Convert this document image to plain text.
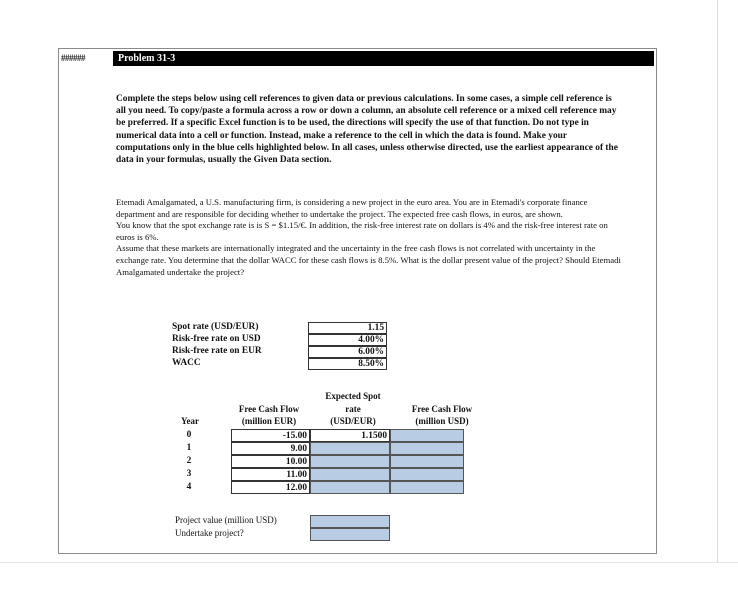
######	Problem 31-3
Complete the steps below using cell references to given data or previous calculations. In some cases, a simple cell reference is all you need. To copy/paste a formula across a row or down a column, an absolute cell reference or a mixed cell reference may be preferred. If a specific Excel function is to be used, the directions will specify the use of that function. Do not type in numerical data into a cell or function. Instead, make a reference to the cell in which the data is found. Make your computations only in the blue cells highlighted below. In all cases, unless otherwise directed, use the earliest appearance of the data in your formulas, usually the Given Data section.

Etemadi Amalgamated, a U.S. manufacturing firm, is considering a new project in the euro area. You are in Etemadi's corporate finance department and are responsible for deciding whether to undertake the project. The expected free cash flows, in euros, are shown.

You know that the spot exchange rate is is S = $1.15/€. In addition, the risk-free interest rate on dollars is 4% and the risk-free interest rate on euros is 6%.

Assume that these markets are internationally integrated and the uncertainty in the free cash flows is not correlated with uncertainty in the exchange rate. You determine that the dollar WACC for these cash flows is 8.5%. What is the dollar present value of the project? Should Etemadi Amalgamated undertake the project?

Spot rate (USD/EUR)	1.15
Risk-free rate on USD	4.00%
Risk-free rate on EUR	6.00%
WACC	8.50%
Expected Spot
Free Cash Flow	rate	Free Cash Flow
Year	(million EUR)	(USD/EUR)	(million USD)
0	-15.00	1.1500
1	9.00
2	10.00
3	11.00
4	12.00
Project value (million USD)
Undertake project?
